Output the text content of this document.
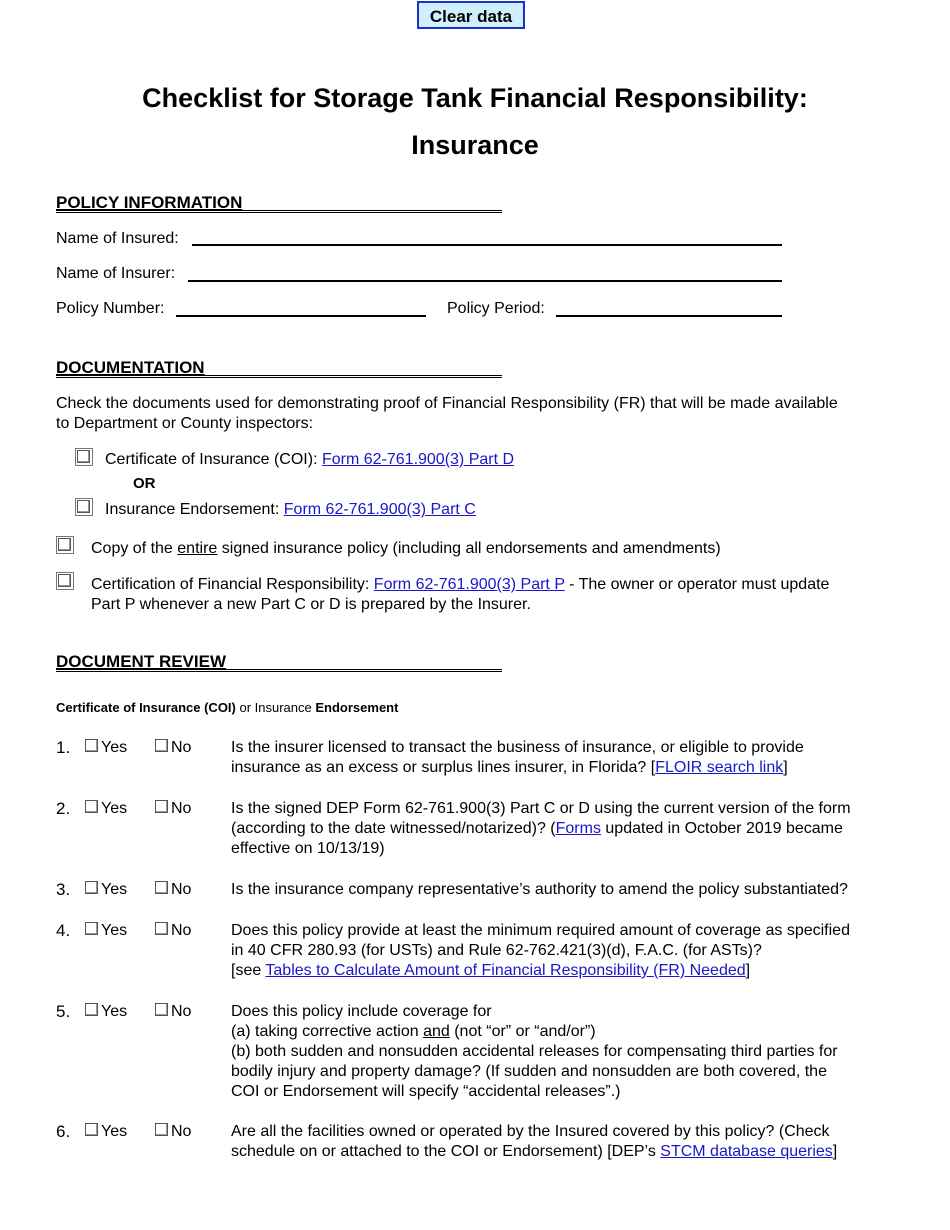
Clear data
Checklist for Storage Tank Financial Responsibility:
Insurance
POLICY INFORMATION
Name of Insured:
Name of Insurer:
Policy Number:	Policy Period:
DOCUMENTATION
Check the documents used for demonstrating proof of Financial Responsibility (FR) that will be made available
to Department or County inspectors:
Certificate of Insurance (COI): Form 62-761.900(3) Part D
OR
Insurance Endorsement: Form 62-761.900(3) Part C
Copy of the entire signed insurance policy (including all endorsements and amendments)
Certification of Financial Responsibility: Form 62-761.900(3) Part P - The owner or operator must update
Part P whenever a new Part C or D is prepared by the Insurer.
DOCUMENT REVIEW
Certificate of Insurance (COI) or Insurance Endorsement
1. Yes	No Is the insurer licensed to transact the business of insurance, or eligible to provide
insurance as an excess or surplus lines insurer, in Florida? [FLOIR search link]
2. Yes	No Is the signed DEP Form 62-761.900(3) Part C or D using the current version of the form
(according to the date witnessed/notarized)? (Forms updated in October 2019 became
effective on 10/13/19)
3. Yes	No Is the insurance company representative’s authority to amend the policy substantiated?
4. Yes	No Does this policy provide at least the minimum required amount of coverage as specified
in 40 CFR 280.93 (for USTs) and Rule 62-762.421(3)(d), F.A.C. (for ASTs)?
[see Tables to Calculate Amount of Financial Responsibility (FR) Needed]
5. Yes	No Does this policy include coverage for
(a) taking corrective action and (not “or” or “and/or”)
(b) both sudden and nonsudden accidental releases for compensating third parties for
bodily injury and property damage? (If sudden and nonsudden are both covered, the
COI or Endorsement will specify “accidental releases”.)
6. Yes	No Are all the facilities owned or operated by the Insured covered by this policy? (Check
schedule on or attached to the COI or Endorsement) [DEP’s STCM database queries]
